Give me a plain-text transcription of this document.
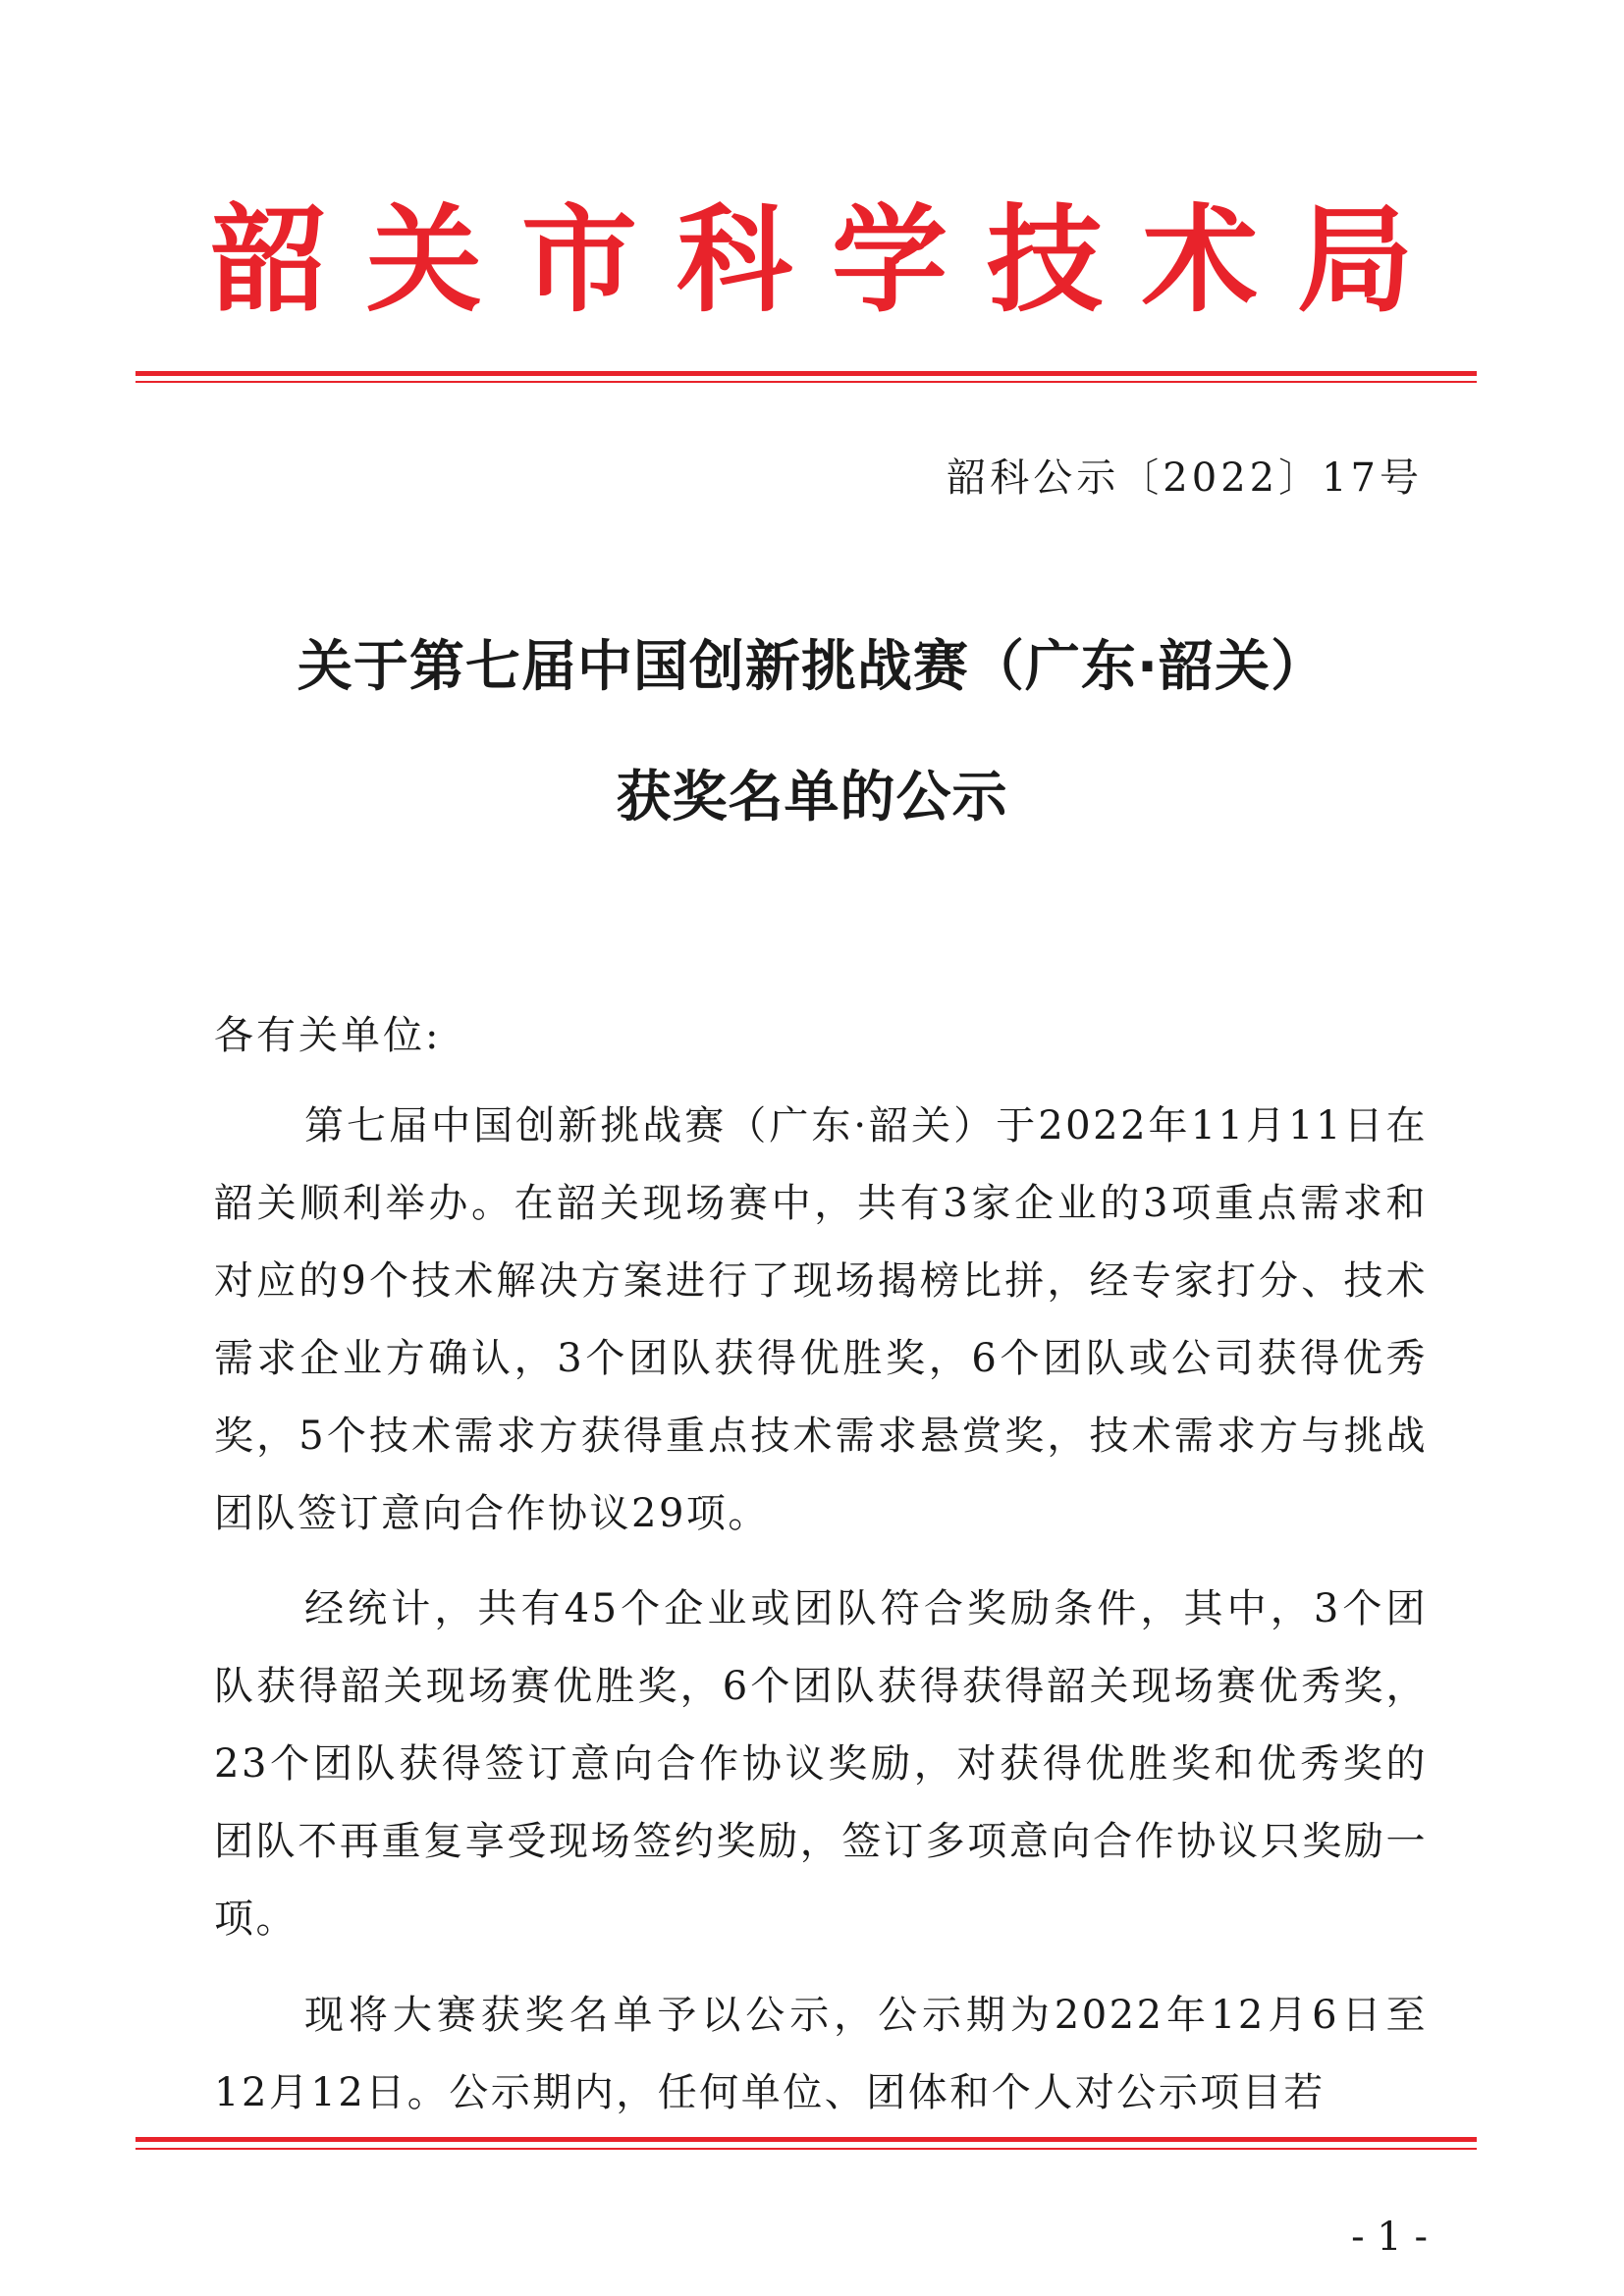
韶关市科学技术局
韶科公示〔2022〕17号
关于第七届中国创新挑战赛（广东·韶关）
获奖名单的公示
各有关单位:

第七届中国创新挑战赛（广东·韶关）于2022年11月11日在韶关顺利举办。在韶关现场赛中，共有3家企业的3项重点需求和对应的9个技术解决方案进行了现场揭榜比拼，经专家打分、技术需求企业方确认，3个团队获得优胜奖，6个团队或公司获得优秀奖，5个技术需求方获得重点技术需求悬赏奖，技术需求方与挑战团队签订意向合作协议29项。

经统计，共有45个企业或团队符合奖励条件，其中，3个团队获得韶关现场赛优胜奖，6个团队获得获得韶关现场赛优秀奖，23个团队获得签订意向合作协议奖励，对获得优胜奖和优秀奖的团队不再重复享受现场签约奖励，签订多项意向合作协议只奖励一项。

现将大赛获奖名单予以公示，公示期为2022年12月6日至12月12日。公示期内，任何单位、团体和个人对公示项目若

- 1 -
